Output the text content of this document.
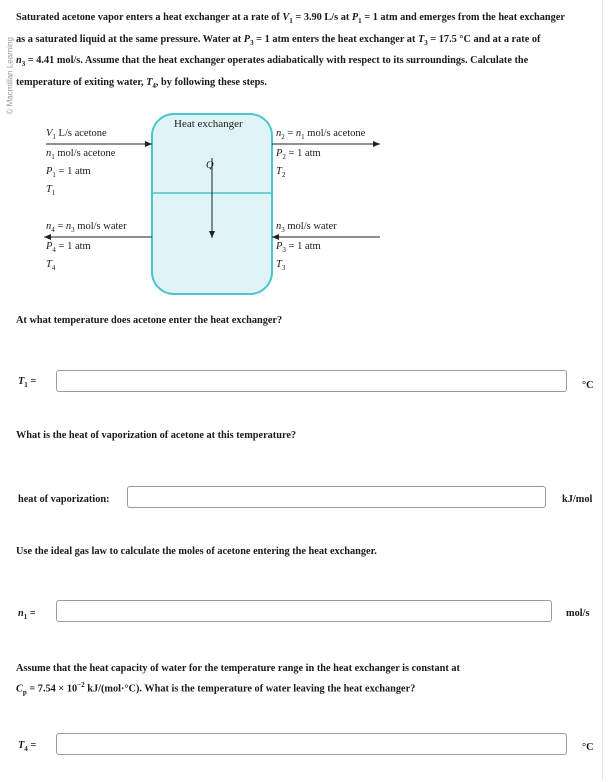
© Macmillan Learning
Saturated acetone vapor enters a heat exchanger at a rate of $V_1 = 3.90$ L/s at $P_1 = 1$ atm and emerges from the heat exchanger
as a saturated liquid at the same pressure. Water at $P_3 = 1$ atm enters the heat exchanger at $T_3 = 17.5$ °C and at a rate of
$n_3 = 4.41$ mol/s. Assume that the heat exchanger operates adiabatically with respect to its surroundings. Calculate the
temperature of exiting water, $T_4$, by following these steps.
Heat exchanger
Q
$V_1$ L/s acetone
$n_1$ mol/s acetone
$P_1 = 1$ atm
$T_1$
$n_2 = n_1$ mol/s acetone
$P_2 = 1$ atm
$T_2$
$n_4 = n_3$ mol/s water
$P_4 = 1$ atm
$T_4$
$n_3$ mol/s water
$P_3 = 1$ atm
$T_3$
At what temperature does acetone enter the heat exchanger?
$T_1$ =	°C
What is the heat of vaporization of acetone at this temperature?
heat of vaporization:	kJ/mol
Use the ideal gas law to calculate the moles of acetone entering the heat exchanger.
$n_1$ =	mol/s
Assume that the heat capacity of water for the temperature range in the heat exchanger is constant at
$C_p = 7.54 \times 10^{-2}$ kJ/(mol·°C). What is the temperature of water leaving the heat exchanger?
$T_4$ =	°C
